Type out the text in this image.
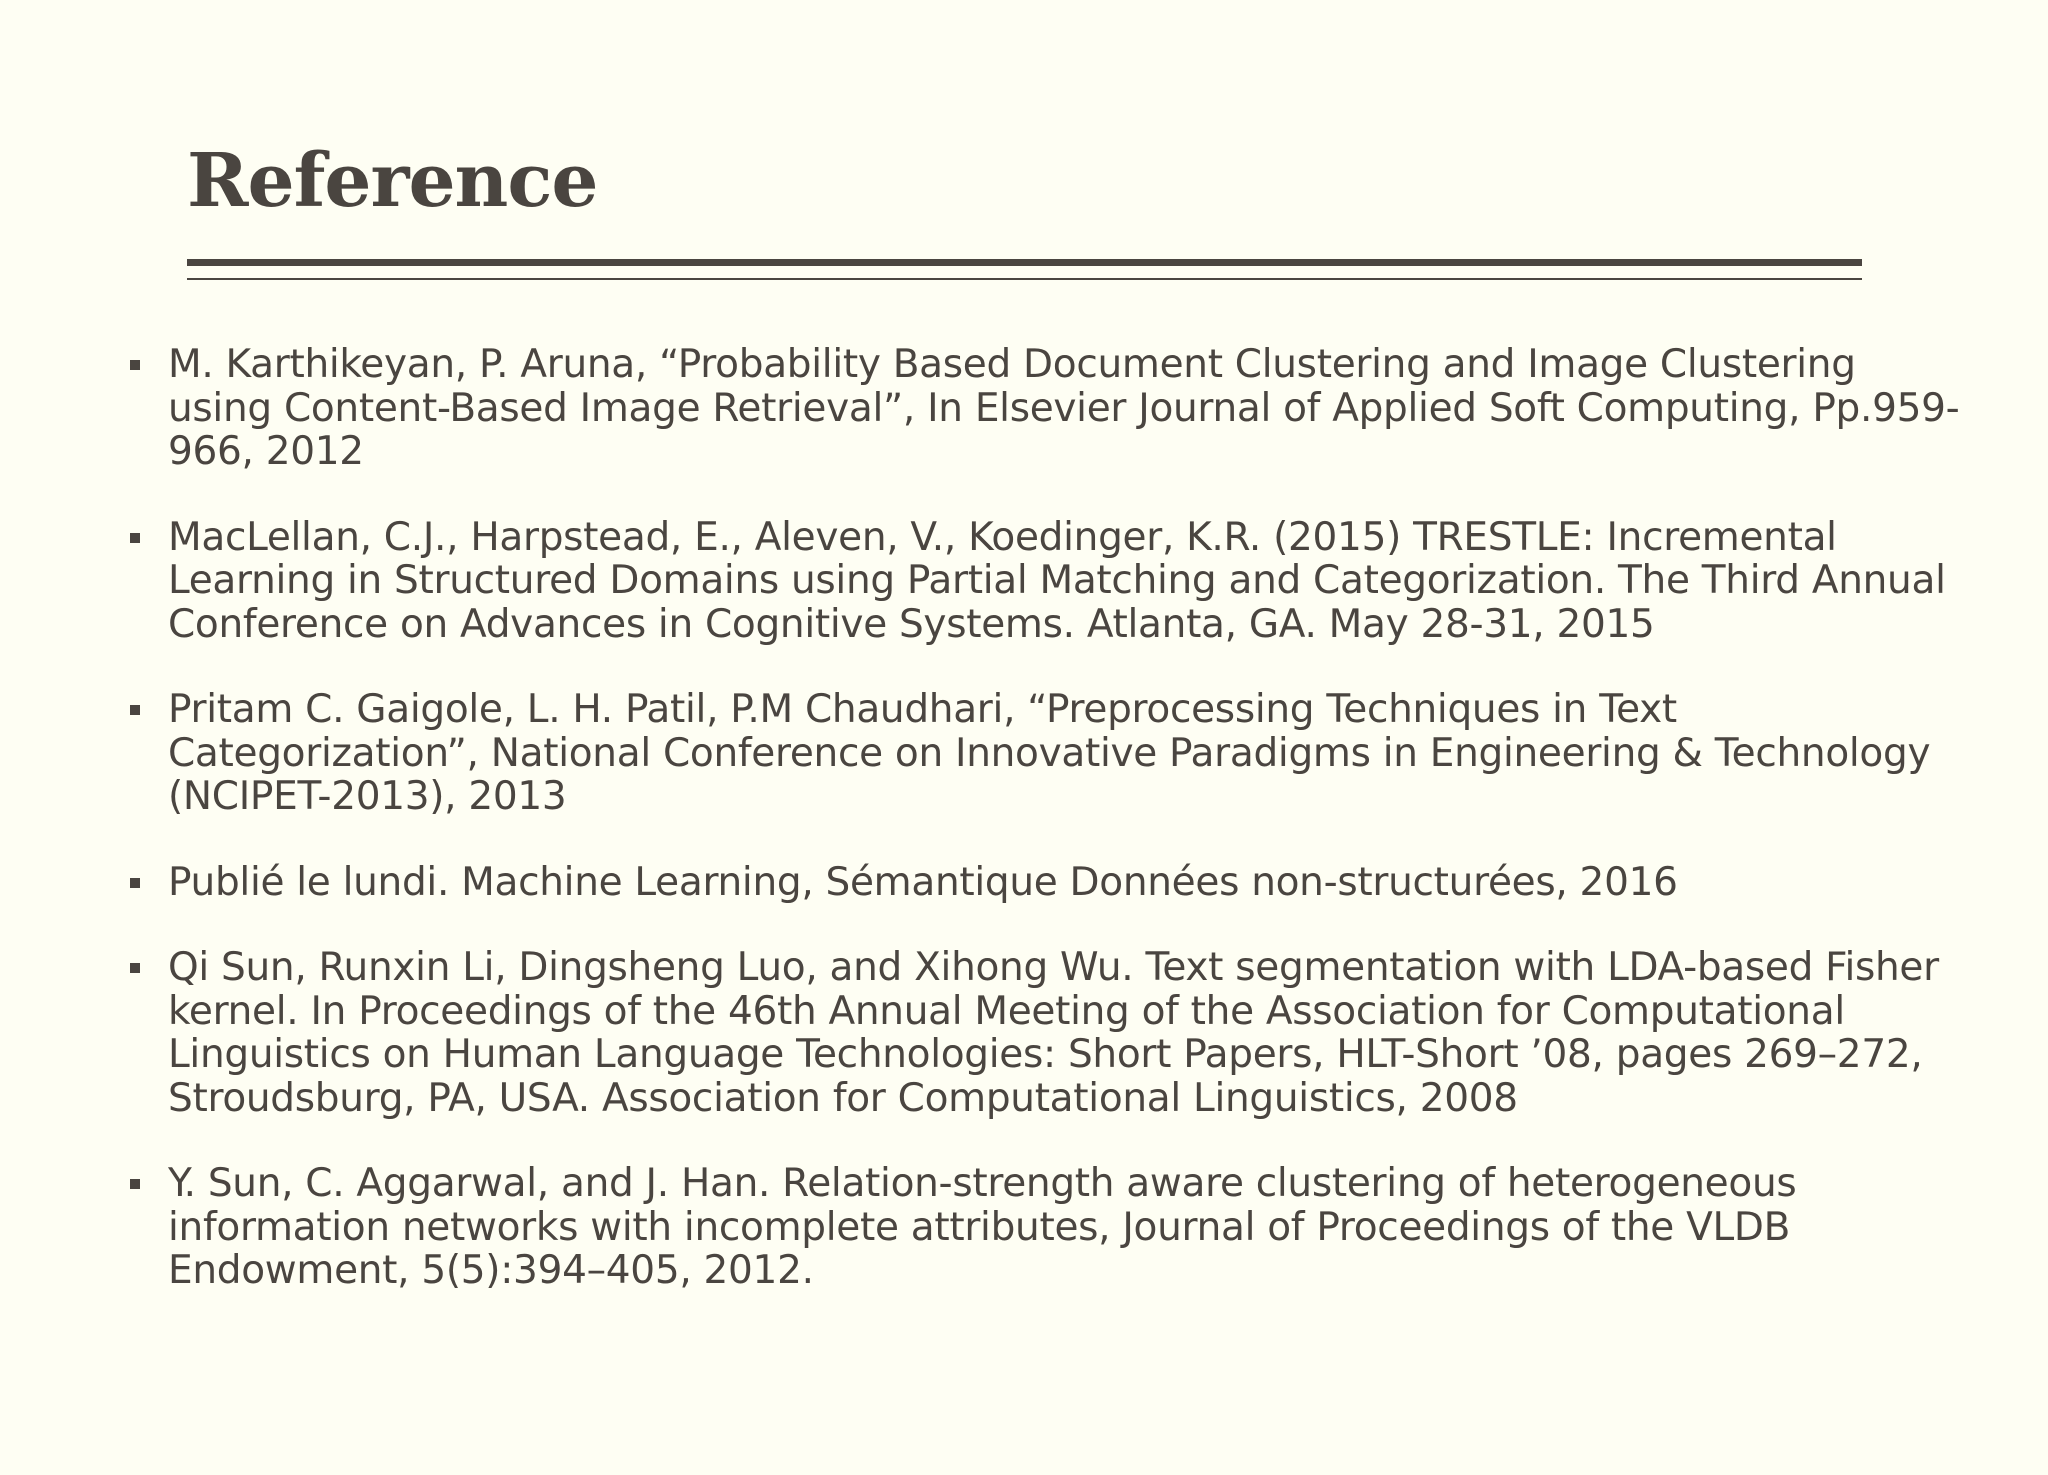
Reference
M. Karthikeyan, P. Aruna, “Probability Based Document Clustering and Image Clustering using Content-Based Image Retrieval”, In Elsevier Journal of Applied Soft Computing, Pp.959-966, 2012
MacLellan, C.J., Harpstead, E., Aleven, V., Koedinger, K.R. (2015) TRESTLE: Incremental Learning in Structured Domains using Partial Matching and Categorization. The Third Annual Conference on Advances in Cognitive Systems. Atlanta, GA. May 28-31, 2015
Pritam C. Gaigole, L. H. Patil, P.M Chaudhari, “Preprocessing Techniques in Text Categorization”, National Conference on Innovative Paradigms in Engineering & Technology (NCIPET-2013), 2013
Publié le lundi. Machine Learning, Sémantique Données non-structurées, 2016
Qi Sun, Runxin Li, Dingsheng Luo, and Xihong Wu. Text segmentation with LDA-based Fisher kernel. In Proceedings of the 46th Annual Meeting of the Association for Computational Linguistics on Human Language Technologies: Short Papers, HLT-Short ’08, pages 269–272, Stroudsburg, PA, USA. Association for Computational Linguistics, 2008
Y. Sun, C. Aggarwal, and J. Han. Relation-strength aware clustering of heterogeneous information networks with incomplete attributes, Journal of Proceedings of the VLDB Endowment, 5(5):394–405, 2012.
